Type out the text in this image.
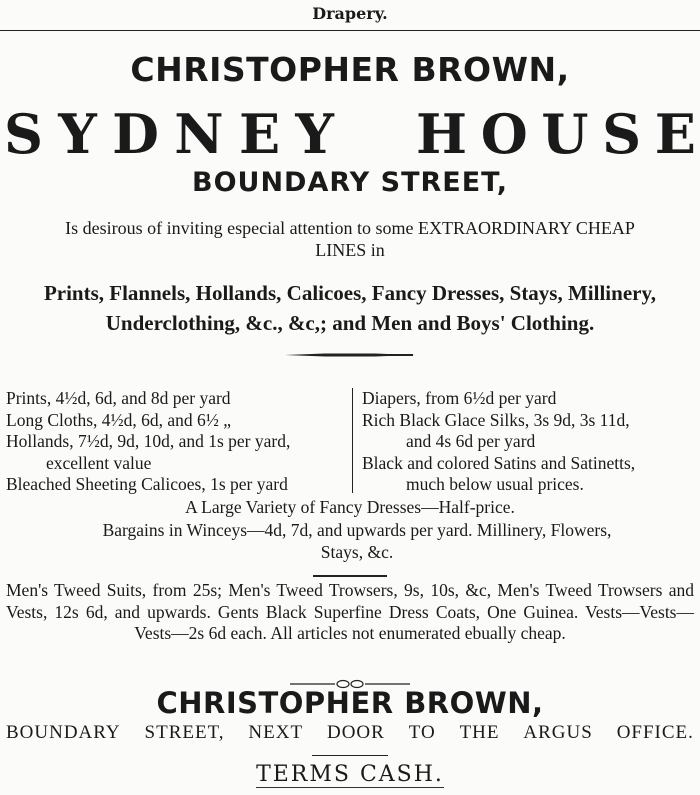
Drapery.
CHRISTOPHER BROWN,
S Y D N E Y H O U S E
BOUNDARY STREET,
Is desirous of inviting especial attention to some EXTRAORDINARY CHEAP
LINES in
Prints, Flannels, Hollands, Calicoes, Fancy Dresses, Stays, Millinery,
Underclothing, &c., &c,; and Men and Boys' Clothing.
Prints, 4½d, 6d, and 8d per yard
Long Cloths, 4½d, 6d, and 6½ „
Hollands, 7½d, 9d, 10d, and 1s per yard,
excellent value
Bleached Sheeting Calicoes, 1s per yard
Diapers, from 6½d per yard
Rich Black Glace Silks, 3s 9d, 3s 11d,
and 4s 6d per yard
Black and colored Satins and Satinetts,
much below usual prices.
A Large Variety of Fancy Dresses—Half-price.
Bargains in Winceys—4d, 7d, and upwards per yard. Millinery, Flowers,
Stays, &c.
Men's Tweed Suits, from 25s; Men's Tweed Trowsers, 9s, 10s, &c, Men's Tweed Trowsers and Vests, 12s 6d, and upwards. Gents Black Superfine Dress Coats, One Guinea. Vests—Vests—Vests—2s 6d each. All articles not enumerated ebually cheap.
CHRISTOPHER BROWN,
BOUNDARY STREET, NEXT DOOR TO THE ARGUS OFFICE.
TERMS CASH.
